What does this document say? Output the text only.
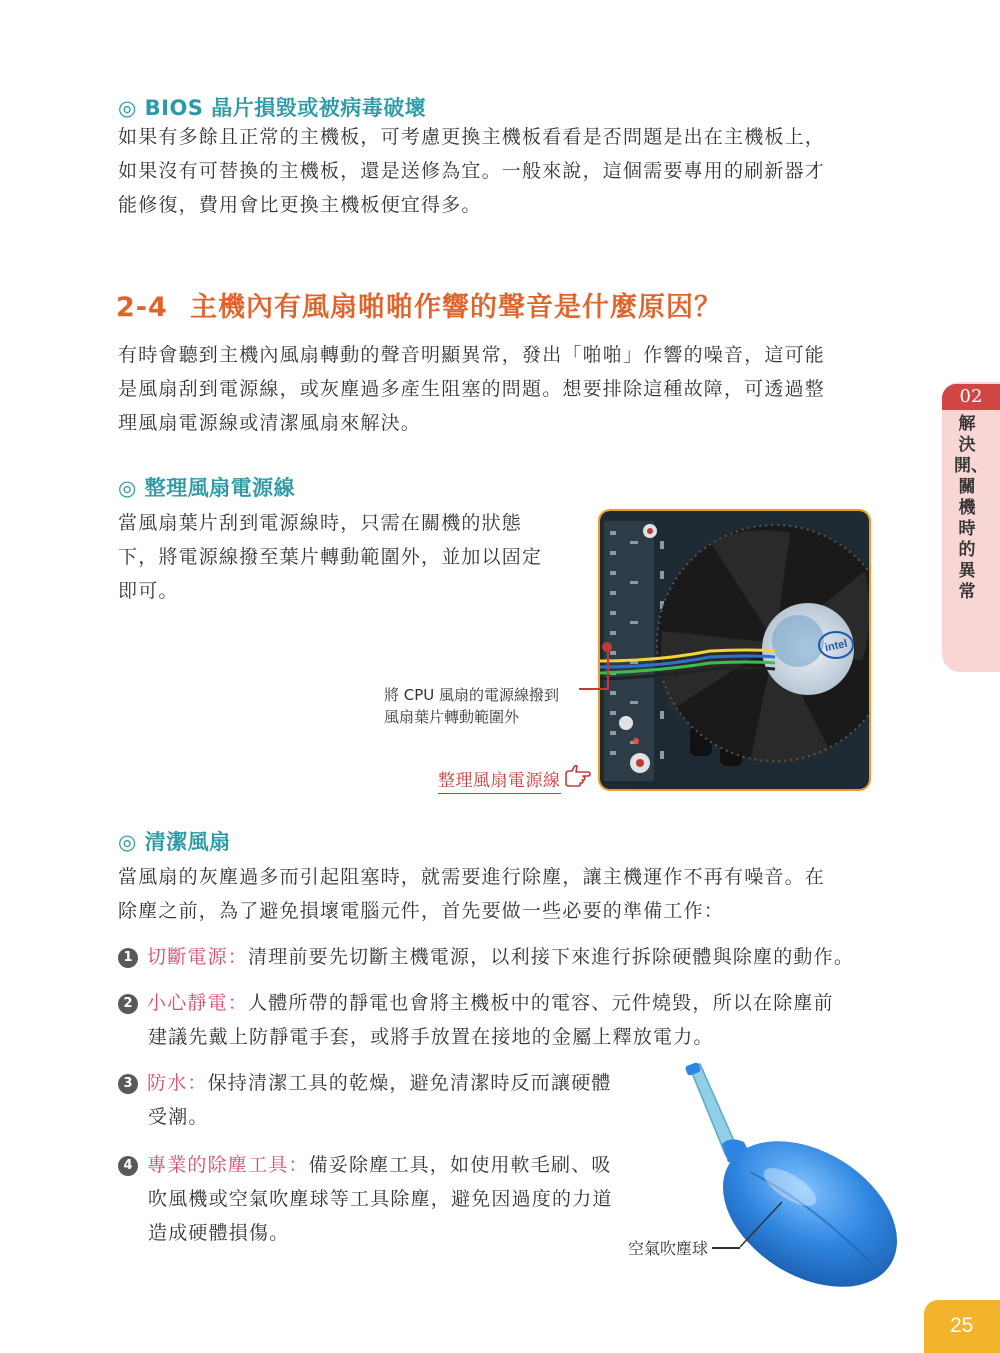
◎ BIOS 晶片損毀或被病毒破壞
如果有多餘且正常的主機板，可考慮更換主機板看看是否問題是出在主機板上，
如果沒有可替換的主機板，還是送修為宜。一般來說，這個需要專用的刷新器才
能修復，費用會比更換主機板便宜得多。
2-4 主機內有風扇啪啪作響的聲音是什麼原因？
有時會聽到主機內風扇轉動的聲音明顯異常，發出「啪啪」作響的噪音，這可能
是風扇刮到電源線，或灰塵過多產生阻塞的問題。想要排除這種故障，可透過整
理風扇電源線或清潔風扇來解決。
◎ 整理風扇電源線
當風扇葉片刮到電源線時，只需在關機的狀態
下，將電源線撥至葉片轉動範圍外，並加以固定
即可。
intel
將 CPU 風扇的電源線撥到
風扇葉片轉動範圍外
整理風扇電源線
◎ 清潔風扇
當風扇的灰塵過多而引起阻塞時，就需要進行除塵，讓主機運作不再有噪音。在
除塵之前，為了避免損壞電腦元件，首先要做一些必要的準備工作：
1 切斷電源：清理前要先切斷主機電源，以利接下來進行拆除硬體與除塵的動作。
2 小心靜電：人體所帶的靜電也會將主機板中的電容、元件燒毀，所以在除塵前
建議先戴上防靜電手套，或將手放置在接地的金屬上釋放電力。
3 防水：保持清潔工具的乾燥，避免清潔時反而讓硬體
受潮。
4 專業的除塵工具：備妥除塵工具，如使用軟毛刷、吸
吹風機或空氣吹塵球等工具除塵，避免因過度的力道
造成硬體損傷。
空氣吹塵球
02
解決開、關機時的異常
25
